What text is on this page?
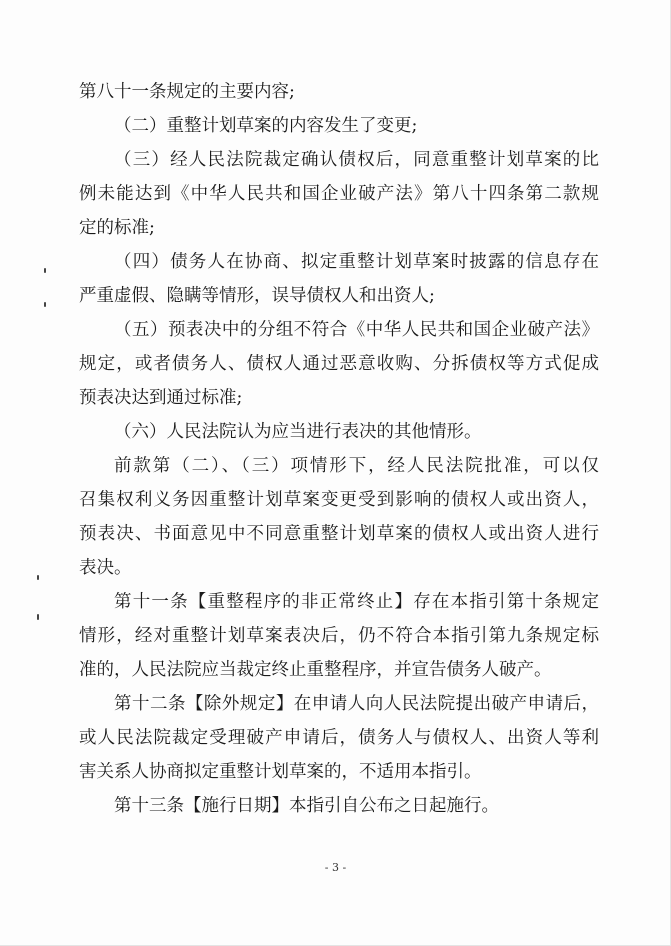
第八十一条规定的主要内容;
（二）重整计划草案的内容发生了变更;
（三）经人民法院裁定确认债权后，同意重整计划草案的比
例未能达到《中华人民共和国企业破产法》第八十四条第二款规
定的标准;
（四）债务人在协商、拟定重整计划草案时披露的信息存在
严重虚假、隐瞒等情形，误导债权人和出资人;
（五）预表决中的分组不符合《中华人民共和国企业破产法》
规定，或者债务人、债权人通过恶意收购、分拆债权等方式促成
预表决达到通过标准;
（六）人民法院认为应当进行表决的其他情形。
前款第（二）、（三）项情形下，经人民法院批准，可以仅
召集权利义务因重整计划草案变更受到影响的债权人或出资人，
预表决、书面意见中不同意重整计划草案的债权人或出资人进行
表决。
第十一条【重整程序的非正常终止】存在本指引第十条规定
情形，经对重整计划草案表决后，仍不符合本指引第九条规定标
准的，人民法院应当裁定终止重整程序，并宣告债务人破产。
第十二条【除外规定】在申请人向人民法院提出破产申请后，
或人民法院裁定受理破产申请后，债务人与债权人、出资人等利
害关系人协商拟定重整计划草案的，不适用本指引。
第十三条【施行日期】本指引自公布之日起施行。
- 3 -
